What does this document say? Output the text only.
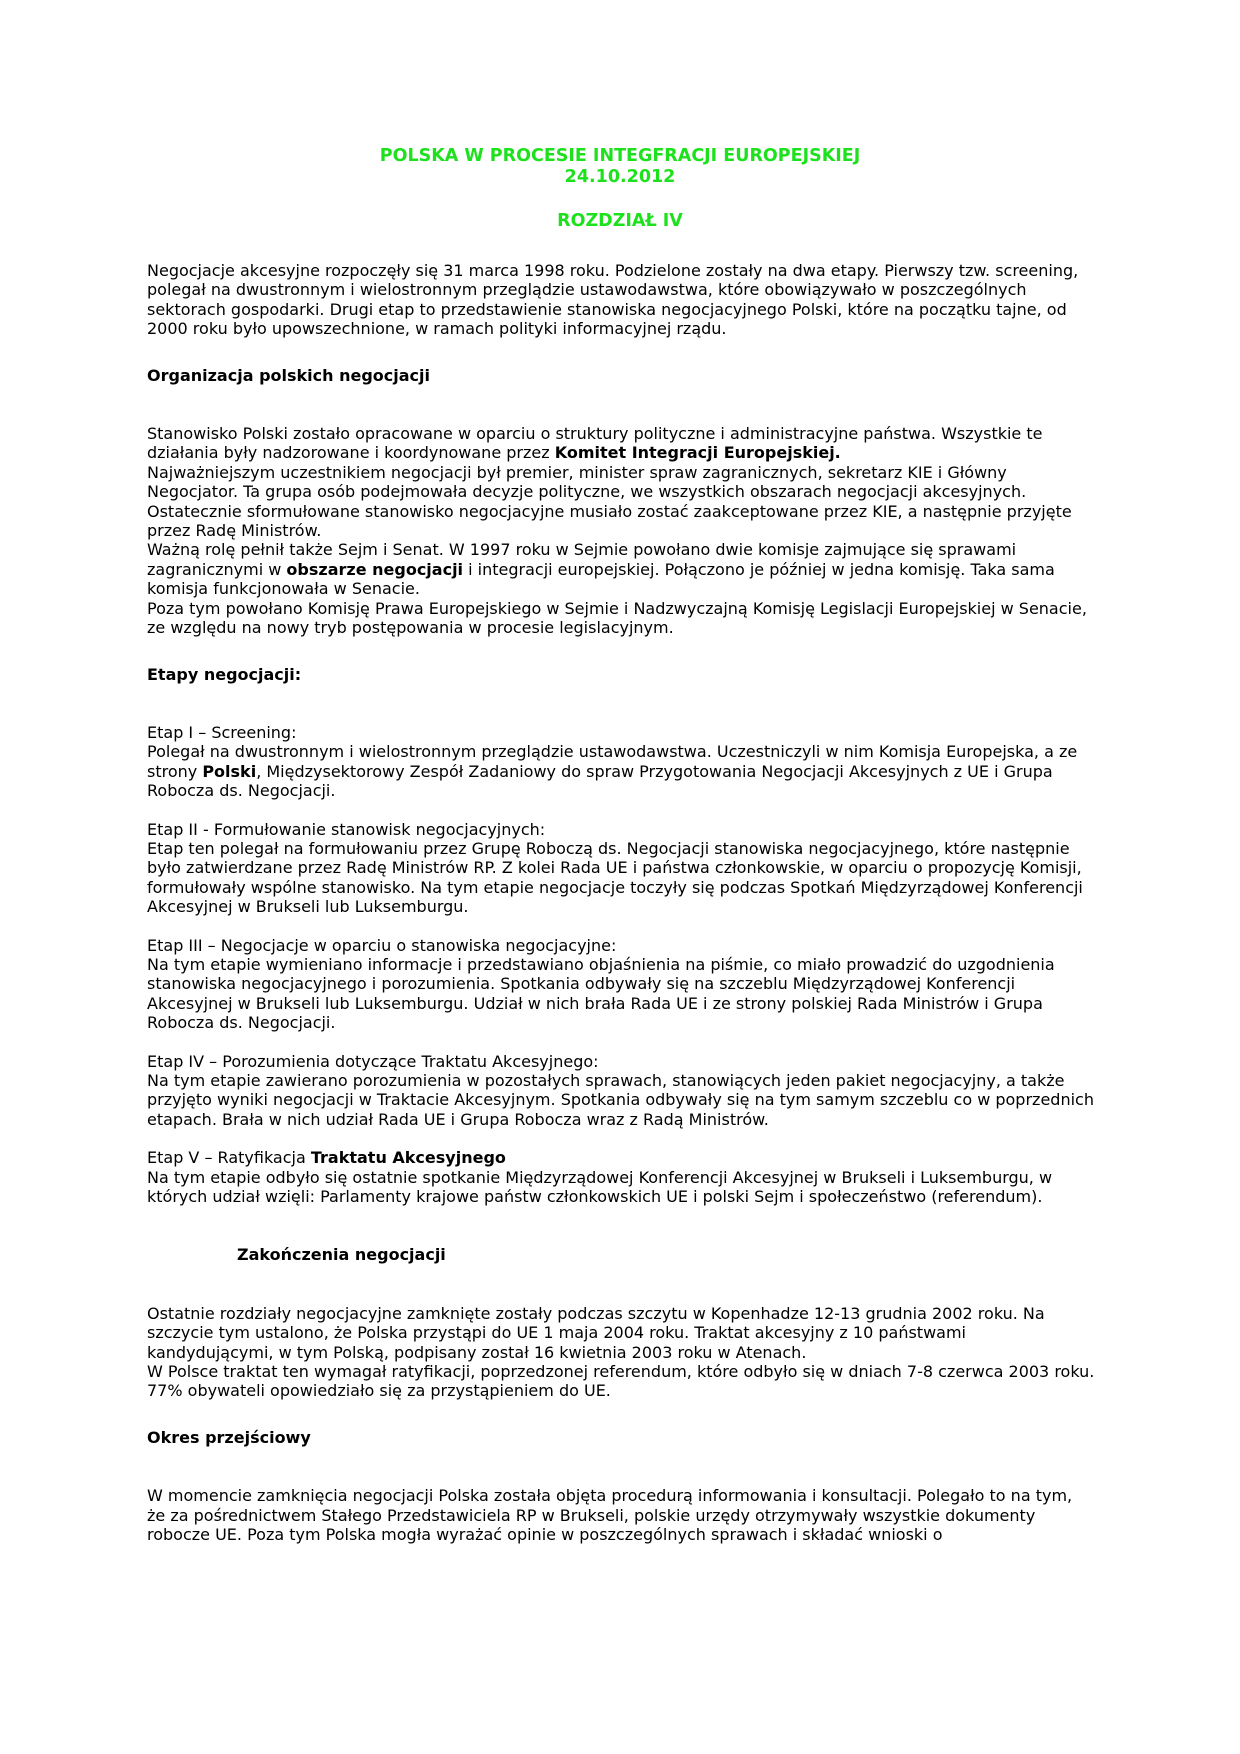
POLSKA W PROCESIE INTEGFRACJI EUROPEJSKIEJ
24.10.2012
ROZDZIAŁ IV

Negocjacje akcesyjne rozpoczęły się 31 marca 1998 roku. Podzielone zostały na dwa etapy. Pierwszy tzw. screening, polegał na dwustronnym i wielostronnym przeglądzie ustawodawstwa, które obowiązywało w poszczególnych sektorach gospodarki. Drugi etap to przedstawienie stanowiska negocjacyjnego Polski, które na początku tajne, od 2000 roku było upowszechnione, w ramach polityki informacyjnej rządu.

Organizacja polskich negocjacji

Stanowisko Polski zostało opracowane w oparciu o struktury polityczne i administracyjne państwa. Wszystkie te działania były nadzorowane i koordynowane przez Komitet Integracji Europejskiej.

Najważniejszym uczestnikiem negocjacji był premier, minister spraw zagranicznych, sekretarz KIE i Główny Negocjator. Ta grupa osób podejmowała decyzje polityczne, we wszystkich obszarach negocjacji akcesyjnych. Ostatecznie sformułowane stanowisko negocjacyjne musiało zostać zaakceptowane przez KIE, a następnie przyjęte przez Radę Ministrów.

Ważną rolę pełnił także Sejm i Senat. W 1997 roku w Sejmie powołano dwie komisje zajmujące się sprawami zagranicznymi w obszarze negocjacji i integracji europejskiej. Połączono je później w jedna komisję. Taka sama komisja funkcjonowała w Senacie.

Poza tym powołano Komisję Prawa Europejskiego w Sejmie i Nadzwyczajną Komisję Legislacji Europejskiej w Senacie, ze względu na nowy tryb postępowania w procesie legislacyjnym.

Etapy negocjacji:

Etap I – Screening:

Polegał na dwustronnym i wielostronnym przeglądzie ustawodawstwa. Uczestniczyli w nim Komisja Europejska, a ze strony Polski, Międzysektorowy Zespół Zadaniowy do spraw Przygotowania Negocjacji Akcesyjnych z UE i Grupa Robocza ds. Negocjacji.

Etap II - Formułowanie stanowisk negocjacyjnych:

Etap ten polegał na formułowaniu przez Grupę Roboczą ds. Negocjacji stanowiska negocjacyjnego, które następnie było zatwierdzane przez Radę Ministrów RP. Z kolei Rada UE i państwa członkowskie, w oparciu o propozycję Komisji, formułowały wspólne stanowisko. Na tym etapie negocjacje toczyły się podczas Spotkań Międzyrządowej Konferencji Akcesyjnej w Brukseli lub Luksemburgu.

Etap III – Negocjacje w oparciu o stanowiska negocjacyjne:

Na tym etapie wymieniano informacje i przedstawiano objaśnienia na piśmie, co miało prowadzić do uzgodnienia stanowiska negocjacyjnego i porozumienia. Spotkania odbywały się na szczeblu Międzyrządowej Konferencji Akcesyjnej w Brukseli lub Luksemburgu. Udział w nich brała Rada UE i ze strony polskiej Rada Ministrów i Grupa Robocza ds. Negocjacji.

Etap IV – Porozumienia dotyczące Traktatu Akcesyjnego:

Na tym etapie zawierano porozumienia w pozostałych sprawach, stanowiących jeden pakiet negocjacyjny, a także przyjęto wyniki negocjacji w Traktacie Akcesyjnym. Spotkania odbywały się na tym samym szczeblu co w poprzednich etapach. Brała w nich udział Rada UE i Grupa Robocza wraz z Radą Ministrów.

Etap V – Ratyfikacja Traktatu Akcesyjnego

Na tym etapie odbyło się ostatnie spotkanie Międzyrządowej Konferencji Akcesyjnej w Brukseli i Luksemburgu, w których udział wzięli: Parlamenty krajowe państw członkowskich UE i polski Sejm i społeczeństwo (referendum).

Zakończenia negocjacji

Ostatnie rozdziały negocjacyjne zamknięte zostały podczas szczytu w Kopenhadze 12-13 grudnia 2002 roku. Na szczycie tym ustalono, że Polska przystąpi do UE 1 maja 2004 roku. Traktat akcesyjny z 10 państwami kandydującymi, w tym Polską, podpisany został 16 kwietnia 2003 roku w Atenach.

W Polsce traktat ten wymagał ratyfikacji, poprzedzonej referendum, które odbyło się w dniach 7-8 czerwca 2003 roku. 77% obywateli opowiedziało się za przystąpieniem do UE.

Okres przejściowy

W momencie zamknięcia negocjacji Polska została objęta procedurą informowania i konsultacji. Polegało to na tym, że za pośrednictwem Stałego Przedstawiciela RP w Brukseli, polskie urzędy otrzymywały wszystkie dokumenty robocze UE. Poza tym Polska mogła wyrażać opinie w poszczególnych sprawach i składać wnioski o
